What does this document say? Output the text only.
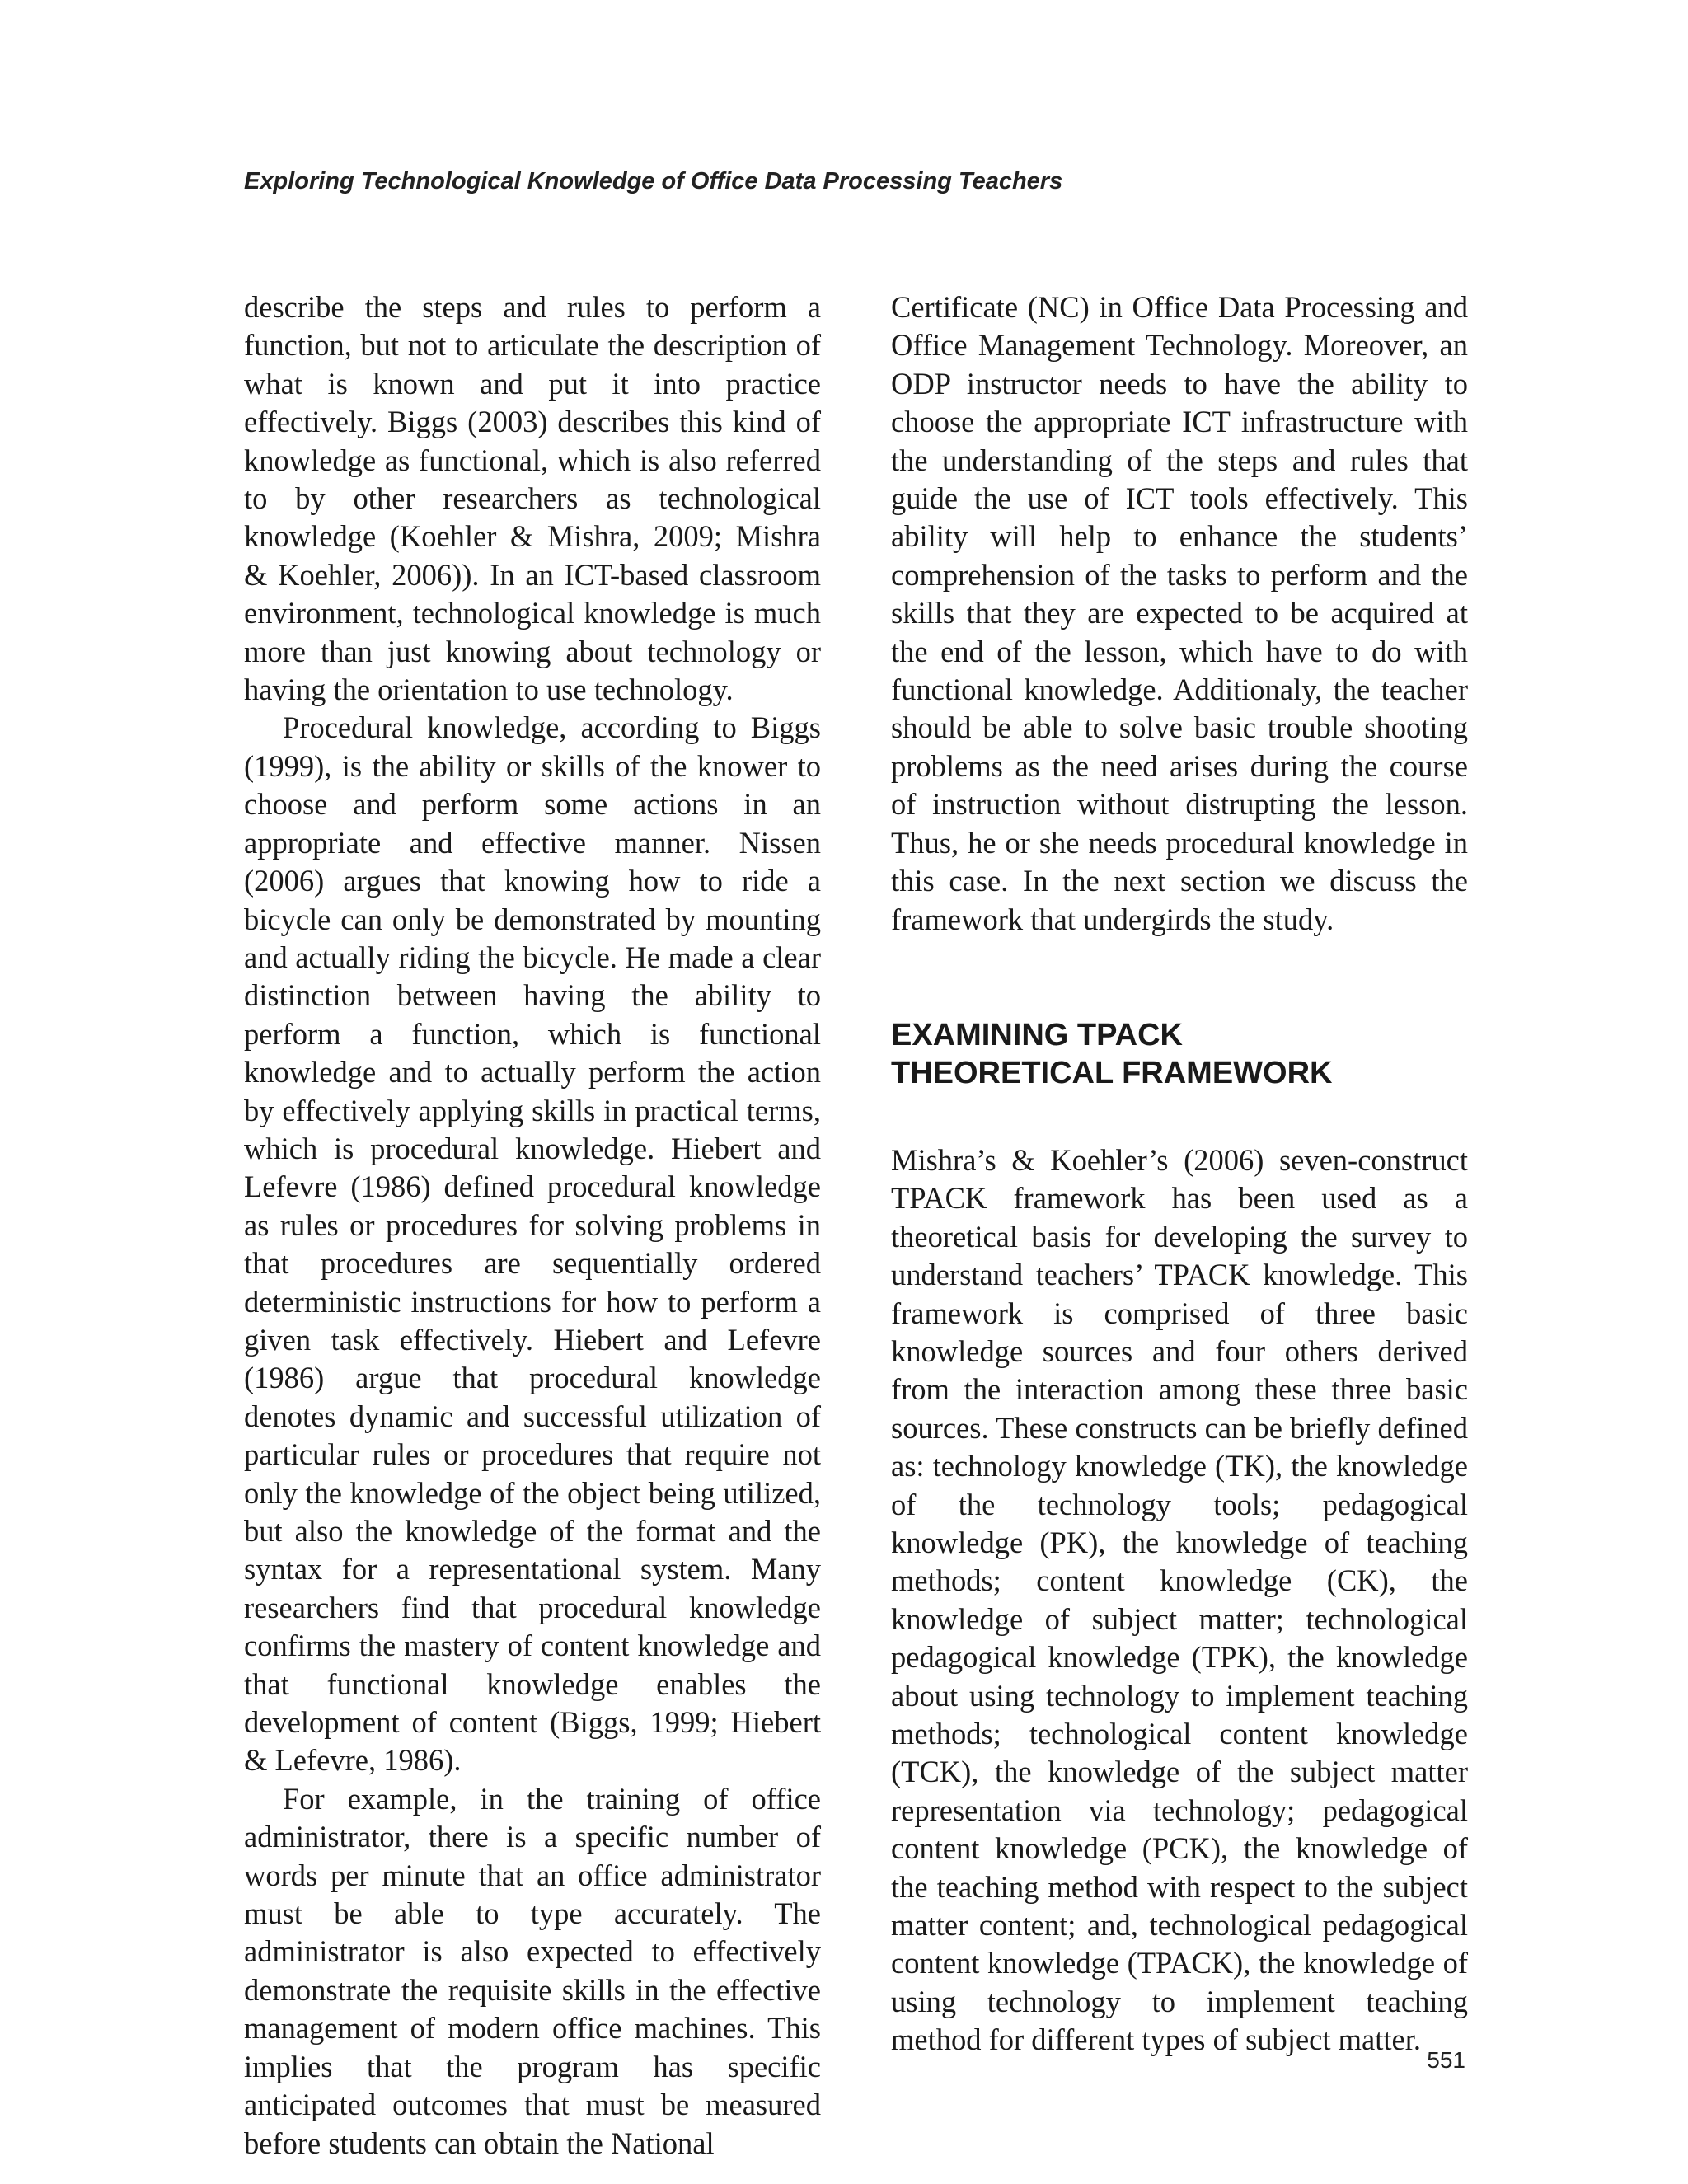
Exploring Technological Knowledge of Office Data Processing Teachers

describe the steps and rules to perform a function, but not to articulate the description of what is known and put it into practice effectively. Biggs (2003) describes this kind of knowledge as functional, which is also referred to by other researchers as technological knowledge (Koehler & Mishra, 2009; Mishra & Koehler, 2006)). In an ICT-based classroom environment, technological knowledge is much more than just knowing about technology or having the orientation to use technology.

Procedural knowledge, according to Biggs (1999), is the ability or skills of the knower to choose and perform some actions in an appropriate and effective manner. Nissen (2006) argues that knowing how to ride a bicycle can only be demonstrated by mounting and actually riding the bicycle. He made a clear distinction between having the ability to perform a function, which is functional knowledge and to actually perform the action by effectively applying skills in practical terms, which is procedural knowledge. Hiebert and Lefevre (1986) defined procedural knowledge as rules or procedures for solving problems in that procedures are sequentially ordered deterministic instructions for how to perform a given task effectively. Hiebert and Lefevre (1986) argue that procedural knowledge denotes dynamic and successful utilization of particular rules or procedures that require not only the knowledge of the object being utilized, but also the knowledge of the format and the syntax for a representational system. Many researchers find that procedural knowledge confirms the mastery of content knowledge and that functional knowledge enables the development of content (Biggs, 1999; Hiebert & Lefevre, 1986).

For example, in the training of office administrator, there is a specific number of words per minute that an office administrator must be able to type accurately. The administrator is also expected to effectively demonstrate the requisite skills in the effective management of modern office machines. This implies that the program has specific anticipated outcomes that must be measured before students can obtain the National

Certificate (NC) in Office Data Processing and Office Management Technology. Moreover, an ODP instructor needs to have the ability to choose the appropriate ICT infrastructure with the understanding of the steps and rules that guide the use of ICT tools effectively. This ability will help to enhance the students’ comprehension of the tasks to perform and the skills that they are expected to be acquired at the end of the lesson, which have to do with functional knowledge. Additionaly, the teacher should be able to solve basic trouble shooting problems as the need arises during the course of instruction without distrupting the lesson. Thus, he or she needs procedural knowledge in this case. In the next section we discuss the framework that undergirds the study.

EXAMINING TPACK
THEORETICAL FRAMEWORK

Mishra’s & Koehler’s (2006) seven-construct TPACK framework has been used as a theoretical basis for developing the survey to understand teachers’ TPACK knowledge. This framework is comprised of three basic knowledge sources and four others derived from the interaction among these three basic sources. These constructs can be briefly defined as: technology knowledge (TK), the knowledge of the technology tools; pedagogical knowledge (PK), the knowledge of teaching methods; content knowledge (CK), the knowledge of subject matter; technological pedagogical knowledge (TPK), the knowledge about using technology to implement teaching methods; technological content knowledge (TCK), the knowledge of the subject matter representation via technology; pedagogical content knowledge (PCK), the knowledge of the teaching method with respect to the subject matter content; and, technological pedagogical content knowledge (TPACK), the knowledge of using technology to implement teaching method for different types of subject matter.

551
